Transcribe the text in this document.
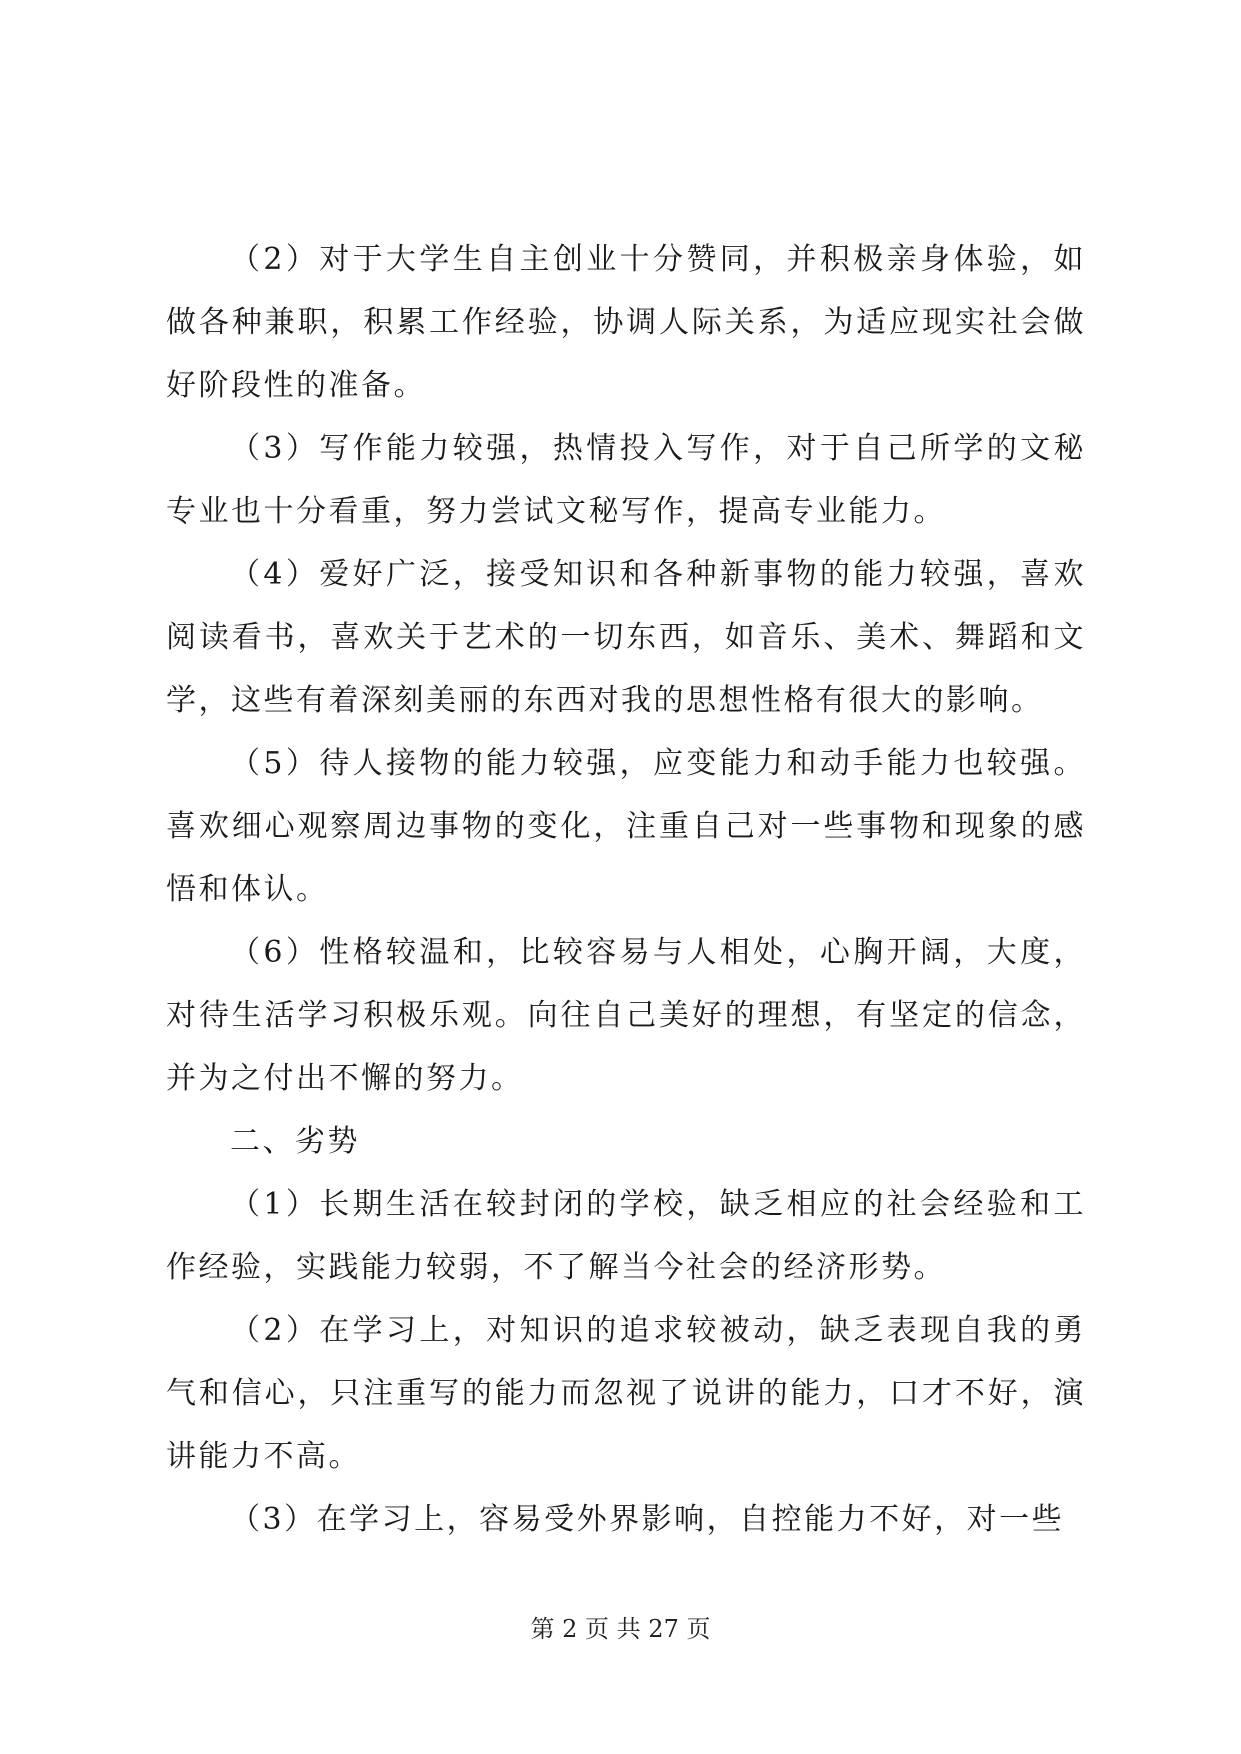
（2）对于大学生自主创业十分赞同，并积极亲身体验，如做各种兼职，积累工作经验，协调人际关系，为适应现实社会做好阶段性的准备。

（3）写作能力较强，热情投入写作，对于自己所学的文秘专业也十分看重，努力尝试文秘写作，提高专业能力。

（4）爱好广泛，接受知识和各种新事物的能力较强，喜欢阅读看书，喜欢关于艺术的一切东西，如音乐、美术、舞蹈和文学，这些有着深刻美丽的东西对我的思想性格有很大的影响。

（5）待人接物的能力较强，应变能力和动手能力也较强。喜欢细心观察周边事物的变化，注重自己对一些事物和现象的感悟和体认。

（6）性格较温和，比较容易与人相处，心胸开阔，大度，对待生活学习积极乐观。向往自己美好的理想，有坚定的信念，并为之付出不懈的努力。

二、劣势

（1）长期生活在较封闭的学校，缺乏相应的社会经验和工作经验，实践能力较弱，不了解当今社会的经济形势。

（2）在学习上，对知识的追求较被动，缺乏表现自我的勇气和信心，只注重写的能力而忽视了说讲的能力，口才不好，演讲能力不高。

（3）在学习上，容易受外界影响，自控能力不好，对一些

第 2 页 共 27 页
